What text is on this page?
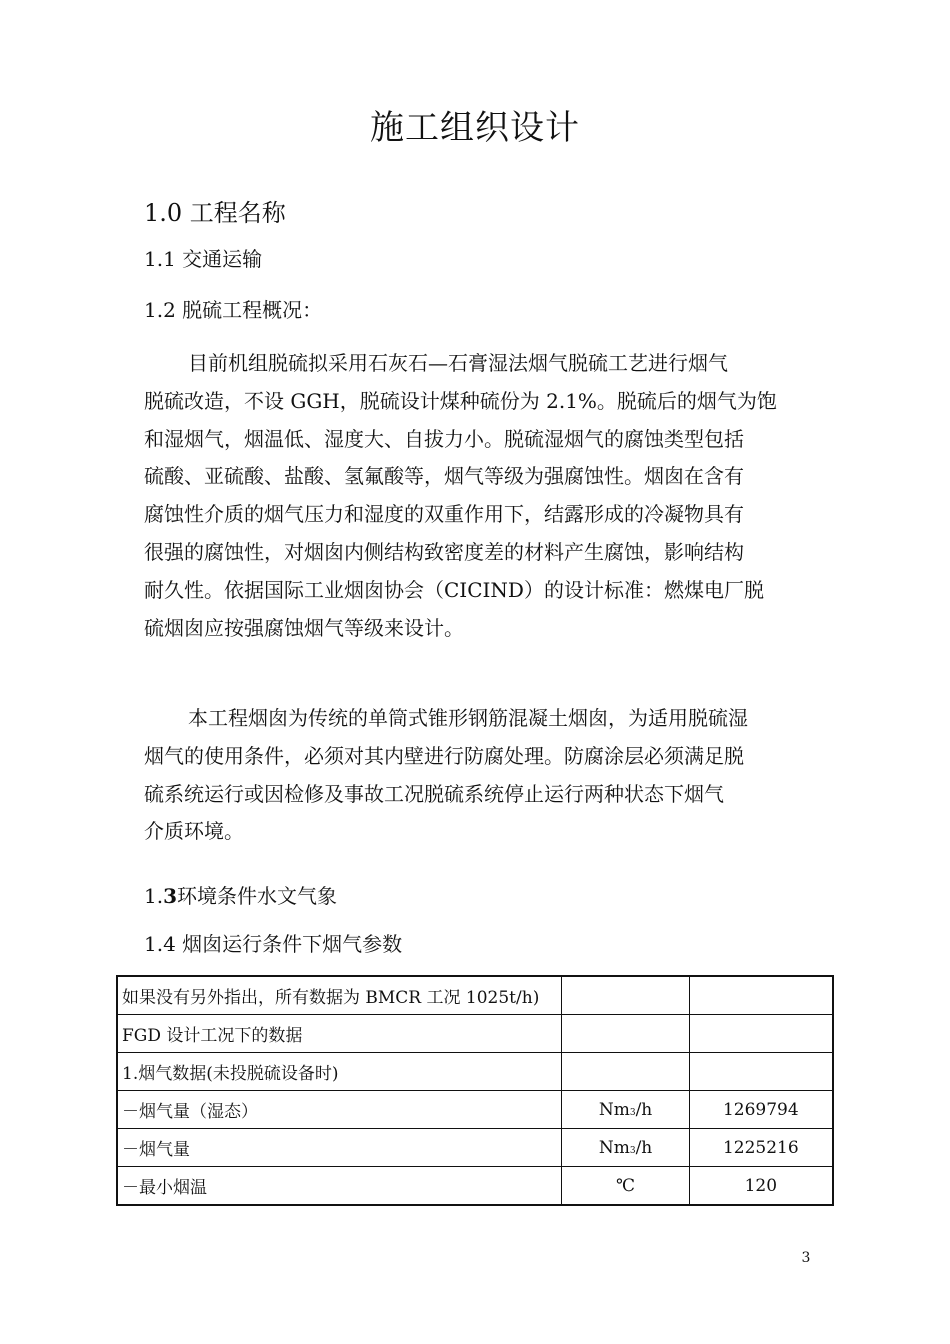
施工组织设计
1.0 工程名称
1.1 交通运输
1.2 脱硫工程概况：
目前机组脱硫拟采用石灰石—石膏湿法烟气脱硫工艺进行烟气
脱硫改造，不设 GGH，脱硫设计煤种硫份为 2.1%。脱硫后的烟气为饱
和湿烟气，烟温低、湿度大、自拔力小。脱硫湿烟气的腐蚀类型包括
硫酸、亚硫酸、盐酸、氢氟酸等，烟气等级为强腐蚀性。烟囱在含有
腐蚀性介质的烟气压力和湿度的双重作用下，结露形成的冷凝物具有
很强的腐蚀性，对烟囱内侧结构致密度差的材料产生腐蚀，影响结构
耐久性。依据国际工业烟囱协会（CICIND）的设计标准：燃煤电厂脱
硫烟囱应按强腐蚀烟气等级来设计。
本工程烟囱为传统的单筒式锥形钢筋混凝土烟囱，为适用脱硫湿
烟气的使用条件，必须对其内壁进行防腐处理。防腐涂层必须满足脱
硫系统运行或因检修及事故工况脱硫系统停止运行两种状态下烟气
介质环境。
1.3环境条件水文气象
1.4 烟囱运行条件下烟气参数
如果没有另外指出，所有数据为 BMCR 工况 1025t/h)		
FGD 设计工况下的数据		
1.烟气数据(未投脱硫设备时)		
－烟气量（湿态）	Nm3/h	1269794
－烟气量	Nm3/h	1225216
－最小烟温	℃	120
3
